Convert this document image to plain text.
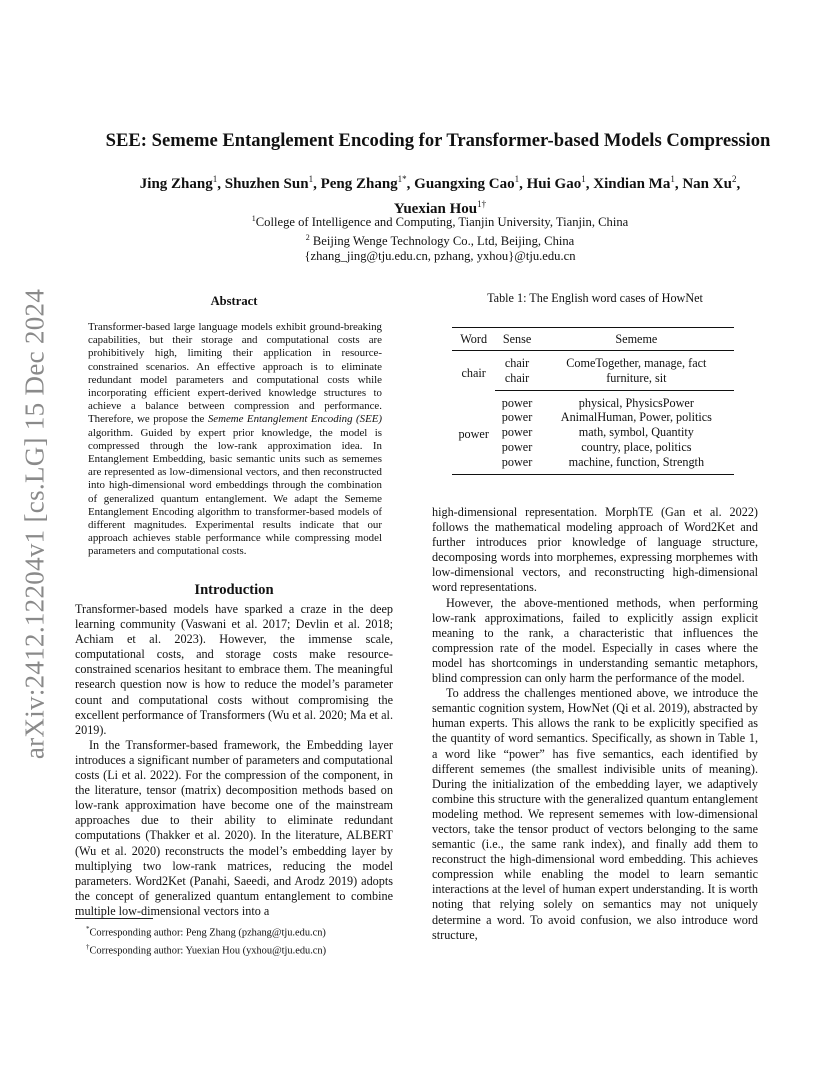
arXiv:2412.12204v1 [cs.LG] 15 Dec 2024
SEE: Sememe Entanglement Encoding for Transformer-based Models Compression
Jing Zhang$^1$, Shuzhen Sun$^1$, Peng Zhang$^{1*}$, Guangxing Cao$^1$, Hui Gao$^1$, Xindian Ma$^1$, Nan Xu$^2$,
Yuexian Hou$^{1\dagger}$
$^1$College of Intelligence and Computing, Tianjin University, Tianjin, China
$^2$ Beijing Wenge Technology Co., Ltd, Beijing, China
{zhang_jing@tju.edu.cn, pzhang, yxhou}@tju.edu.cn
Abstract
Transformer-based large language models exhibit ground-breaking capabilities, but their storage and computational costs are prohibitively high, limiting their application in resource-constrained scenarios. An effective approach is to eliminate redundant model parameters and computational costs while incorporating efficient expert-derived knowledge structures to achieve a balance between compression and performance. Therefore, we propose the Sememe Entanglement Encoding (SEE) algorithm. Guided by expert prior knowledge, the model is compressed through the low-rank approximation idea. In Entanglement Embedding, basic semantic units such as sememes are represented as low-dimensional vectors, and then reconstructed into high-dimensional word embeddings through the combination of generalized quantum entanglement. We adapt the Sememe Entanglement Encoding algorithm to transformer-based models of different magnitudes. Experimental results indicate that our approach achieves stable performance while compressing model parameters and computational costs.
Introduction

Transformer-based models have sparked a craze in the deep learning community (Vaswani et al. 2017; Devlin et al. 2018; Achiam et al. 2023). However, the immense scale, computational costs, and storage costs make resource-constrained scenarios hesitant to embrace them. The meaningful research question now is how to reduce the model’s parameter count and computational costs without compromising the excellent performance of Transformers (Wu et al. 2020; Ma et al. 2019).

In the Transformer-based framework, the Embedding layer introduces a significant number of parameters and computational costs (Li et al. 2022). For the compression of the component, in the literature, tensor (matrix) decomposition methods based on low-rank approximation have become one of the mainstream approaches due to their ability to eliminate redundant computations (Thakker et al. 2020). In the literature, ALBERT (Wu et al. 2020) reconstructs the model’s embedding layer by multiplying two low-rank matrices, reducing the model parameters. Word2Ket (Panahi, Saeedi, and Arodz 2019) adopts the concept of generalized quantum entanglement to combine multiple low-dimensional vectors into a

*Corresponding author: Peng Zhang (pzhang@tju.edu.cn)
†Corresponding author: Yuexian Hou (yxhou@tju.edu.cn)
Table 1: The English word cases of HowNet
Word	Sense	Sememe
chair	chair	ComeTogether, manage, fact
	chair	furniture, sit
power	power	physical, PhysicsPower
	power	AnimalHuman, Power, politics
	power	math, symbol, Quantity
	power	country, place, politics
	power	machine, function, Strength

high-dimensional representation. MorphTE (Gan et al. 2022) follows the mathematical modeling approach of Word2Ket and further introduces prior knowledge of language structure, decomposing words into morphemes, expressing morphemes with low-dimensional vectors, and reconstructing high-dimensional word representations.

However, the above-mentioned methods, when performing low-rank approximations, failed to explicitly assign explicit meaning to the rank, a characteristic that influences the compression rate of the model. Especially in cases where the model has shortcomings in understanding semantic metaphors, blind compression can only harm the performance of the model.

To address the challenges mentioned above, we introduce the semantic cognition system, HowNet (Qi et al. 2019), abstracted by human experts. This allows the rank to be explicitly specified as the quantity of word semantics. Specifically, as shown in Table 1, a word like “power” has five semantics, each identified by different sememes (the smallest indivisible units of meaning). During the initialization of the embedding layer, we adaptively combine this structure with the generalized quantum entanglement modeling method. We represent sememes with low-dimensional vectors, take the tensor product of vectors belonging to the same semantic (i.e., the same rank index), and finally add them to reconstruct the high-dimensional word embedding. This achieves compression while enabling the model to learn semantic interactions at the level of human expert understanding. It is worth noting that relying solely on semantics may not uniquely determine a word. To avoid confusion, we also introduce word structure,
